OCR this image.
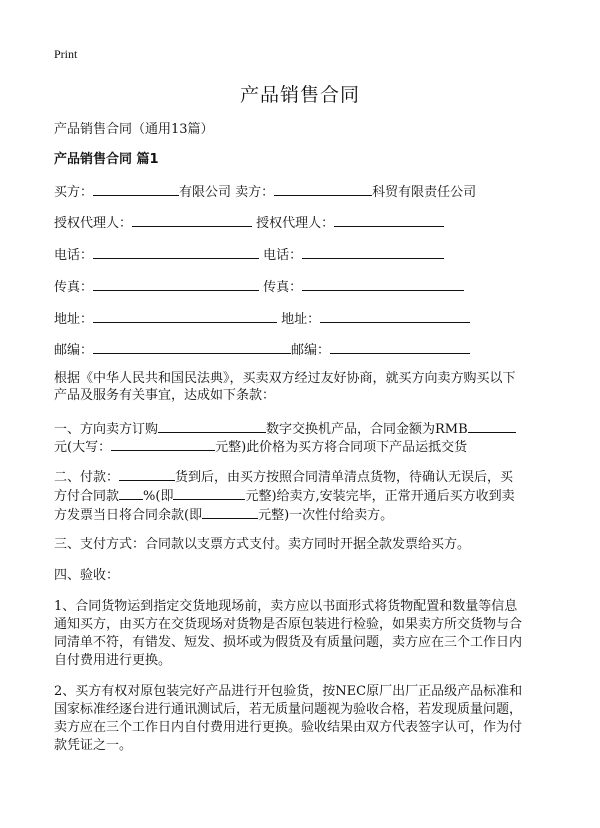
Print
产品销售合同
产品销售合同（通用13篇）
产品销售合同 篇1
买方：	有限公司 卖方：	科贸有限责任公司
授权代理人：	授权代理人：
电话：	电话：
传真：	传真：
地址：	地址：
邮编：	邮编：
根据《中华人民共和国民法典》，买卖双方经过友好协商，就买方向卖方购买以下
产品及服务有关事宜，达成如下条款：
一、方向卖方订购	数字交换机产品，合同金额为RMB
元(大写：	元整)此价格为买方将合同项下产品运抵交货
二、付款：	货到后，由买方按照合同清单清点货物，待确认无误后，买
方付合同款 %(即	元整)给卖方,安装完毕，正常开通后买方收到卖
方发票当日将合同余款(即	元整)一次性付给卖方。
三、支付方式：合同款以支票方式支付。卖方同时开据全款发票给买方。
四、验收：
1、合同货物运到指定交货地现场前，卖方应以书面形式将货物配置和数量等信息
通知买方，由买方在交货现场对货物是否原包装进行检验，如果卖方所交货物与合
同清单不符，有错发、短发、损坏或为假货及有质量问题，卖方应在三个工作日内
自付费用进行更换。
2、买方有权对原包装完好产品进行开包验货，按NEC原厂出厂正品级产品标准和
国家标准经逐台进行通讯测试后，若无质量问题视为验收合格，若发现质量问题，
卖方应在三个工作日内自付费用进行更换。验收结果由双方代表签字认可，作为付
款凭证之一。
